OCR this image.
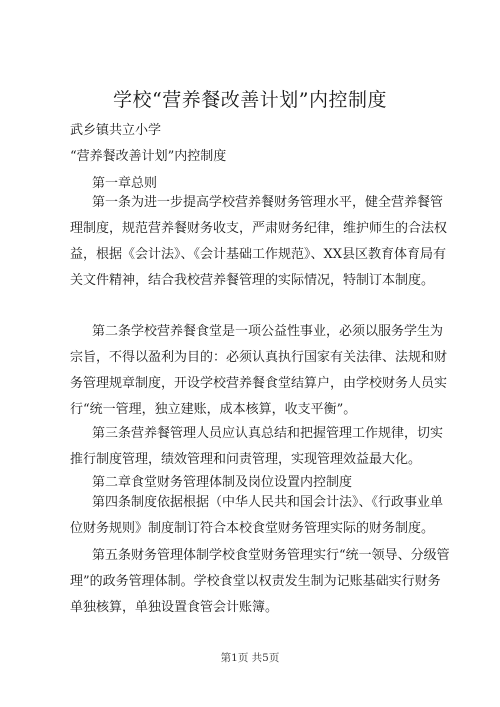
学校“营养餐改善计划”内控制度
武乡镇共立小学
“营养餐改善计划”内控制度
第一章总则
第一条为进一步提高学校营养餐财务管理水平，健全营养餐管理制度，规范营养餐财务收支，严肃财务纪律，维护师生的合法权益，根据《会计法》、《会计基础工作规范》、XX县区教育体育局有关文件精神，结合我校营养餐管理的实际情况，特制订本制度。
第二条学校营养餐食堂是一项公益性事业，必须以服务学生为宗旨，不得以盈利为目的：必须认真执行国家有关法律、法规和财务管理规章制度，开设学校营养餐食堂结算户，由学校财务人员实行“统一管理，独立建账，成本核算，收支平衡”。
第三条营养餐管理人员应认真总结和把握管理工作规律，切实推行制度管理，绩效管理和问责管理，实现管理效益最大化。
第二章食堂财务管理体制及岗位设置内控制度
第四条制度依据根据（中华人民共和国会计法》、《行政事业单位财务规则》制度制订符合本校食堂财务管理实际的财务制度。
第五条财务管理体制学校食堂财务管理实行“统一领导、分级管理”的政务管理体制。学校食堂以权责发生制为记账基础实行财务单独核算，单独设置食管会计账簿。
第1页 共5页
